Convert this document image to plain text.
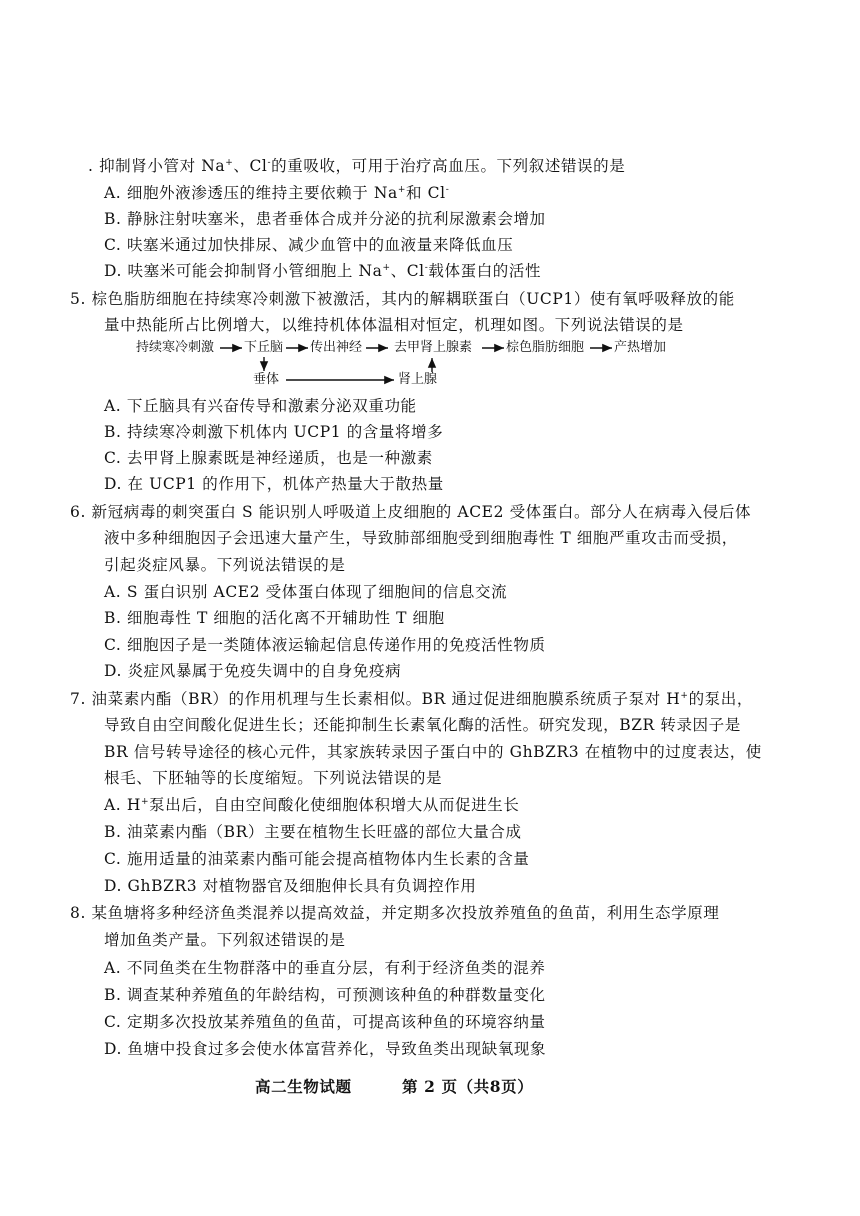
. 抑制肾小管对 Na+、Cl-的重吸收，可用于治疗高血压。下列叙述错误的是
A. 细胞外液渗透压的维持主要依赖于 Na+和 Cl-
B. 静脉注射呋塞米，患者垂体合成并分泌的抗利尿激素会增加
C. 呋塞米通过加快排尿、减少血管中的血液量来降低血压
D. 呋塞米可能会抑制肾小管细胞上 Na+、Cl-载体蛋白的活性
5. 棕色脂肪细胞在持续寒冷刺激下被激活，其内的解耦联蛋白（UCP1）使有氧呼吸释放的能
量中热能所占比例增大，以维持机体体温相对恒定，机理如图。下列说法错误的是
持续寒冷刺激 下丘脑 传出神经 去甲肾上腺素	棕色脂肪细胞 产热增加
垂体	肾上腺
A. 下丘脑具有兴奋传导和激素分泌双重功能
B. 持续寒冷刺激下机体内 UCP1 的含量将增多
C. 去甲肾上腺素既是神经递质，也是一种激素
D. 在 UCP1 的作用下，机体产热量大于散热量
6. 新冠病毒的刺突蛋白 S 能识别人呼吸道上皮细胞的 ACE2 受体蛋白。部分人在病毒入侵后体
液中多种细胞因子会迅速大量产生，导致肺部细胞受到细胞毒性 T 细胞严重攻击而受损，
引起炎症风暴。下列说法错误的是
A. S 蛋白识别 ACE2 受体蛋白体现了细胞间的信息交流
B. 细胞毒性 T 细胞的活化离不开辅助性 T 细胞
C. 细胞因子是一类随体液运输起信息传递作用的免疫活性物质
D. 炎症风暴属于免疫失调中的自身免疫病
7. 油菜素内酯（BR）的作用机理与生长素相似。BR 通过促进细胞膜系统质子泵对 H+的泵出，
导致自由空间酸化促进生长；还能抑制生长素氧化酶的活性。研究发现，BZR 转录因子是
BR 信号转导途径的核心元件，其家族转录因子蛋白中的 GhBZR3 在植物中的过度表达，使
根毛、下胚轴等的长度缩短。下列说法错误的是
A. H+泵出后，自由空间酸化使细胞体积增大从而促进生长
B. 油菜素内酯（BR）主要在植物生长旺盛的部位大量合成
C. 施用适量的油菜素内酯可能会提高植物体内生长素的含量
D. GhBZR3 对植物器官及细胞伸长具有负调控作用
8. 某鱼塘将多种经济鱼类混养以提高效益，并定期多次投放养殖鱼的鱼苗，利用生态学原理
增加鱼类产量。下列叙述错误的是
A. 不同鱼类在生物群落中的垂直分层，有利于经济鱼类的混养
B. 调查某种养殖鱼的年龄结构，可预测该种鱼的种群数量变化
C. 定期多次投放某养殖鱼的鱼苗，可提高该种鱼的环境容纳量
D. 鱼塘中投食过多会使水体富营养化，导致鱼类出现缺氧现象
高二生物试题	第 2 页（共8页）
